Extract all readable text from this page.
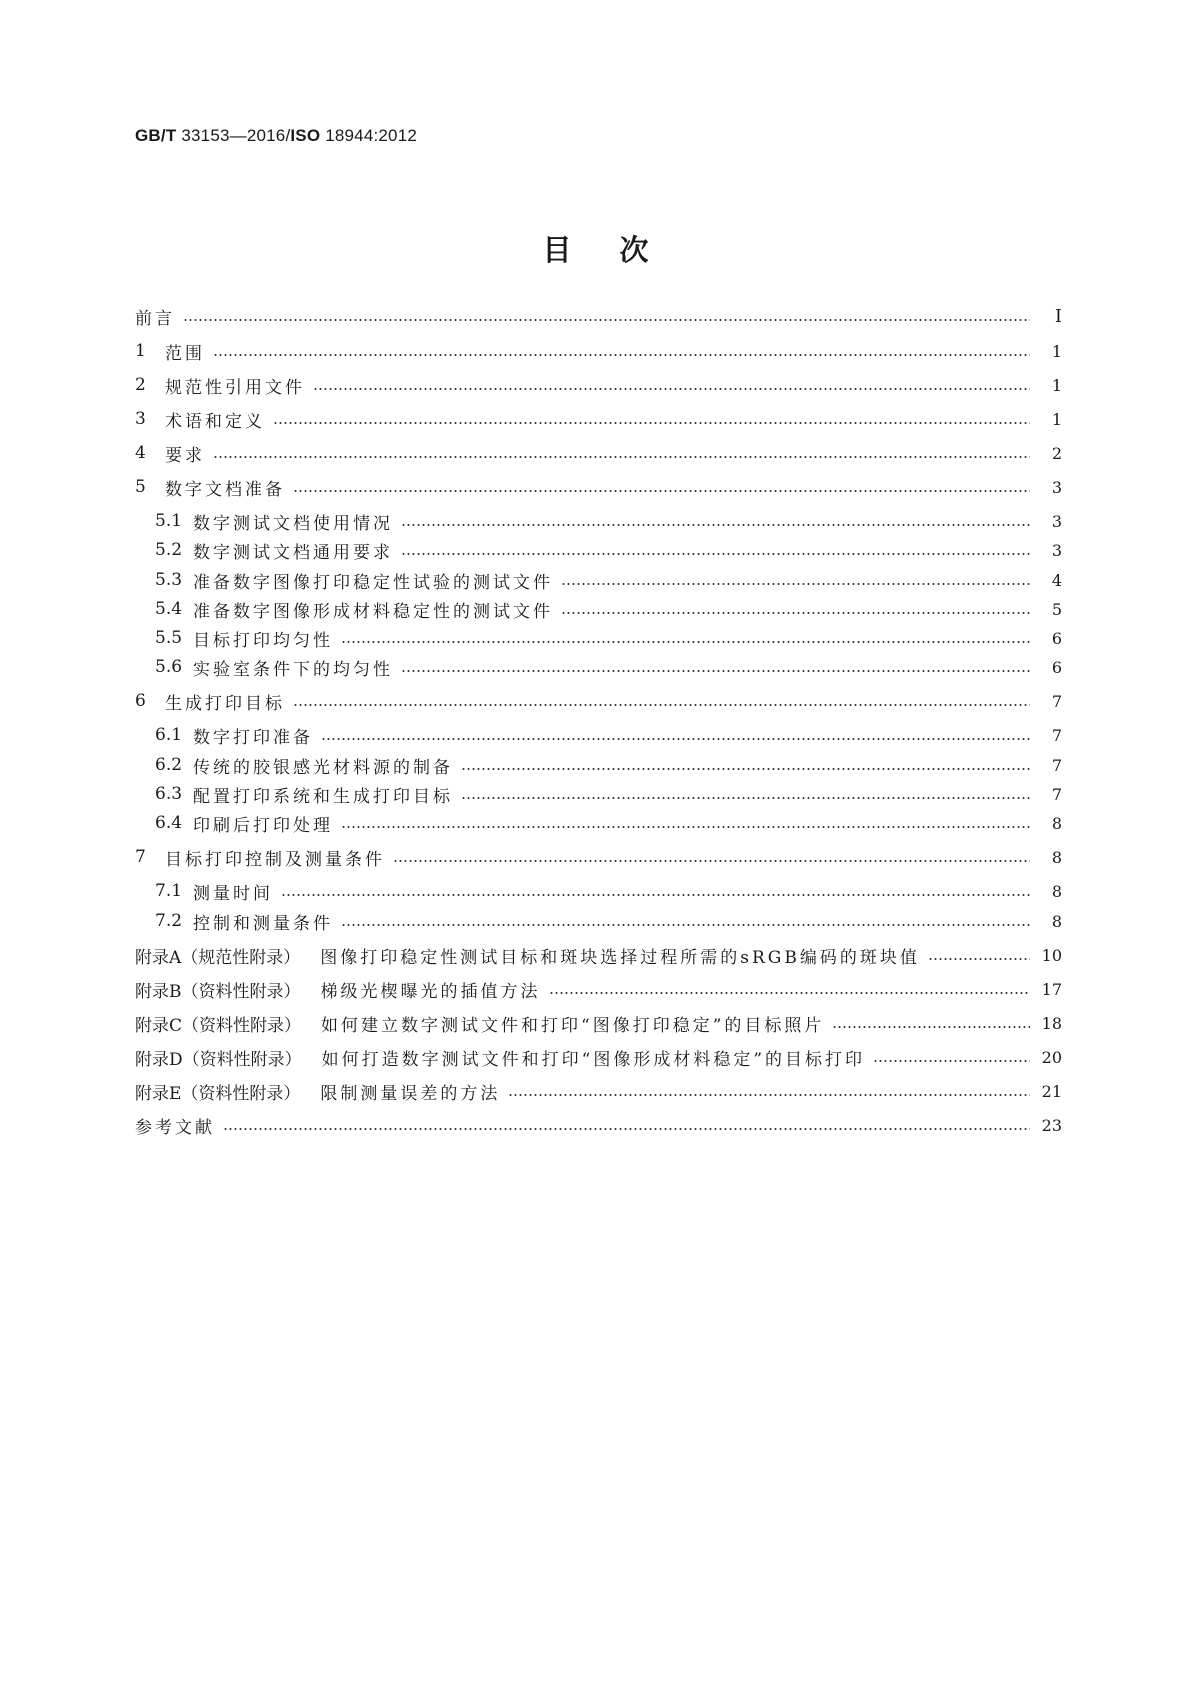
GB/T 33153—2016/ISO 18944:2012
目次
前言	Ⅰ
1	范围	1
2	规范性引用文件	1
3	术语和定义	1
4	要求	2
5	数字文档准备	3
5.1 数字测试文档使用情况	3
5.2 数字测试文档通用要求	3
5.3 准备数字图像打印稳定性试验的测试文件	4
5.4 准备数字图像形成材料稳定性的测试文件	5
5.5 目标打印均匀性	6
5.6 实验室条件下的均匀性	6
6	生成打印目标	7
6.1 数字打印准备	7
6.2 传统的胶银感光材料源的制备	7
6.3 配置打印系统和生成打印目标	7
6.4 印刷后打印处理	8
7	目标打印控制及测量条件	8
7.1 测量时间	8
7.2 控制和测量条件	8
附录A（规范性附录） 图像打印稳定性测试目标和斑块选择过程所需的sRGB编码的斑块值	10
附录B（资料性附录） 梯级光楔曝光的插值方法	17
附录C（资料性附录） 如何建立数字测试文件和打印“图像打印稳定”的目标照片	18
附录D（资料性附录） 如何打造数字测试文件和打印“图像形成材料稳定”的目标打印	20
附录E（资料性附录） 限制测量误差的方法	21
参考文献	23
